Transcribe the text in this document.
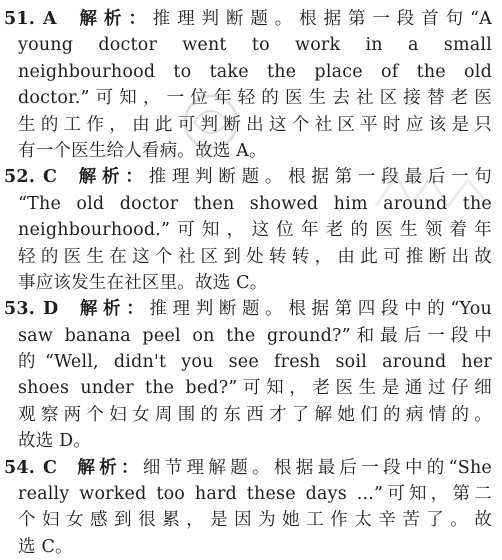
51. A 解析：推理判断题。根据第一段首句“A
young doctor went to work in a small
neighbourhood to take the place of the old
doctor.”可知，一位年轻的医生去社区接替老医
生的工作，由此可判断出这个社区平时应该是只
有一个医生给人看病。故选 A。
52. C 解析：推理判断题。根据第一段最后一句
“The old doctor then showed him around the
neighbourhood.”可知，这位年老的医生领着年
轻的医生在这个社区到处转转，由此可推断出故
事应该发生在社区里。故选 C。
53. D 解析：推理判断题。根据第四段中的“You
saw banana peel on the ground?”和最后一段中
的“Well, didn't you see fresh soil around her
shoes under the bed?”可知，老医生是通过仔细
观察两个妇女周围的东西才了解她们的病情的。
故选 D。
54. C 解析：细节理解题。根据最后一段中的“She
really worked too hard these days ...”可知，第二
个妇女感到很累，是因为她工作太辛苦了。故
选 C。
